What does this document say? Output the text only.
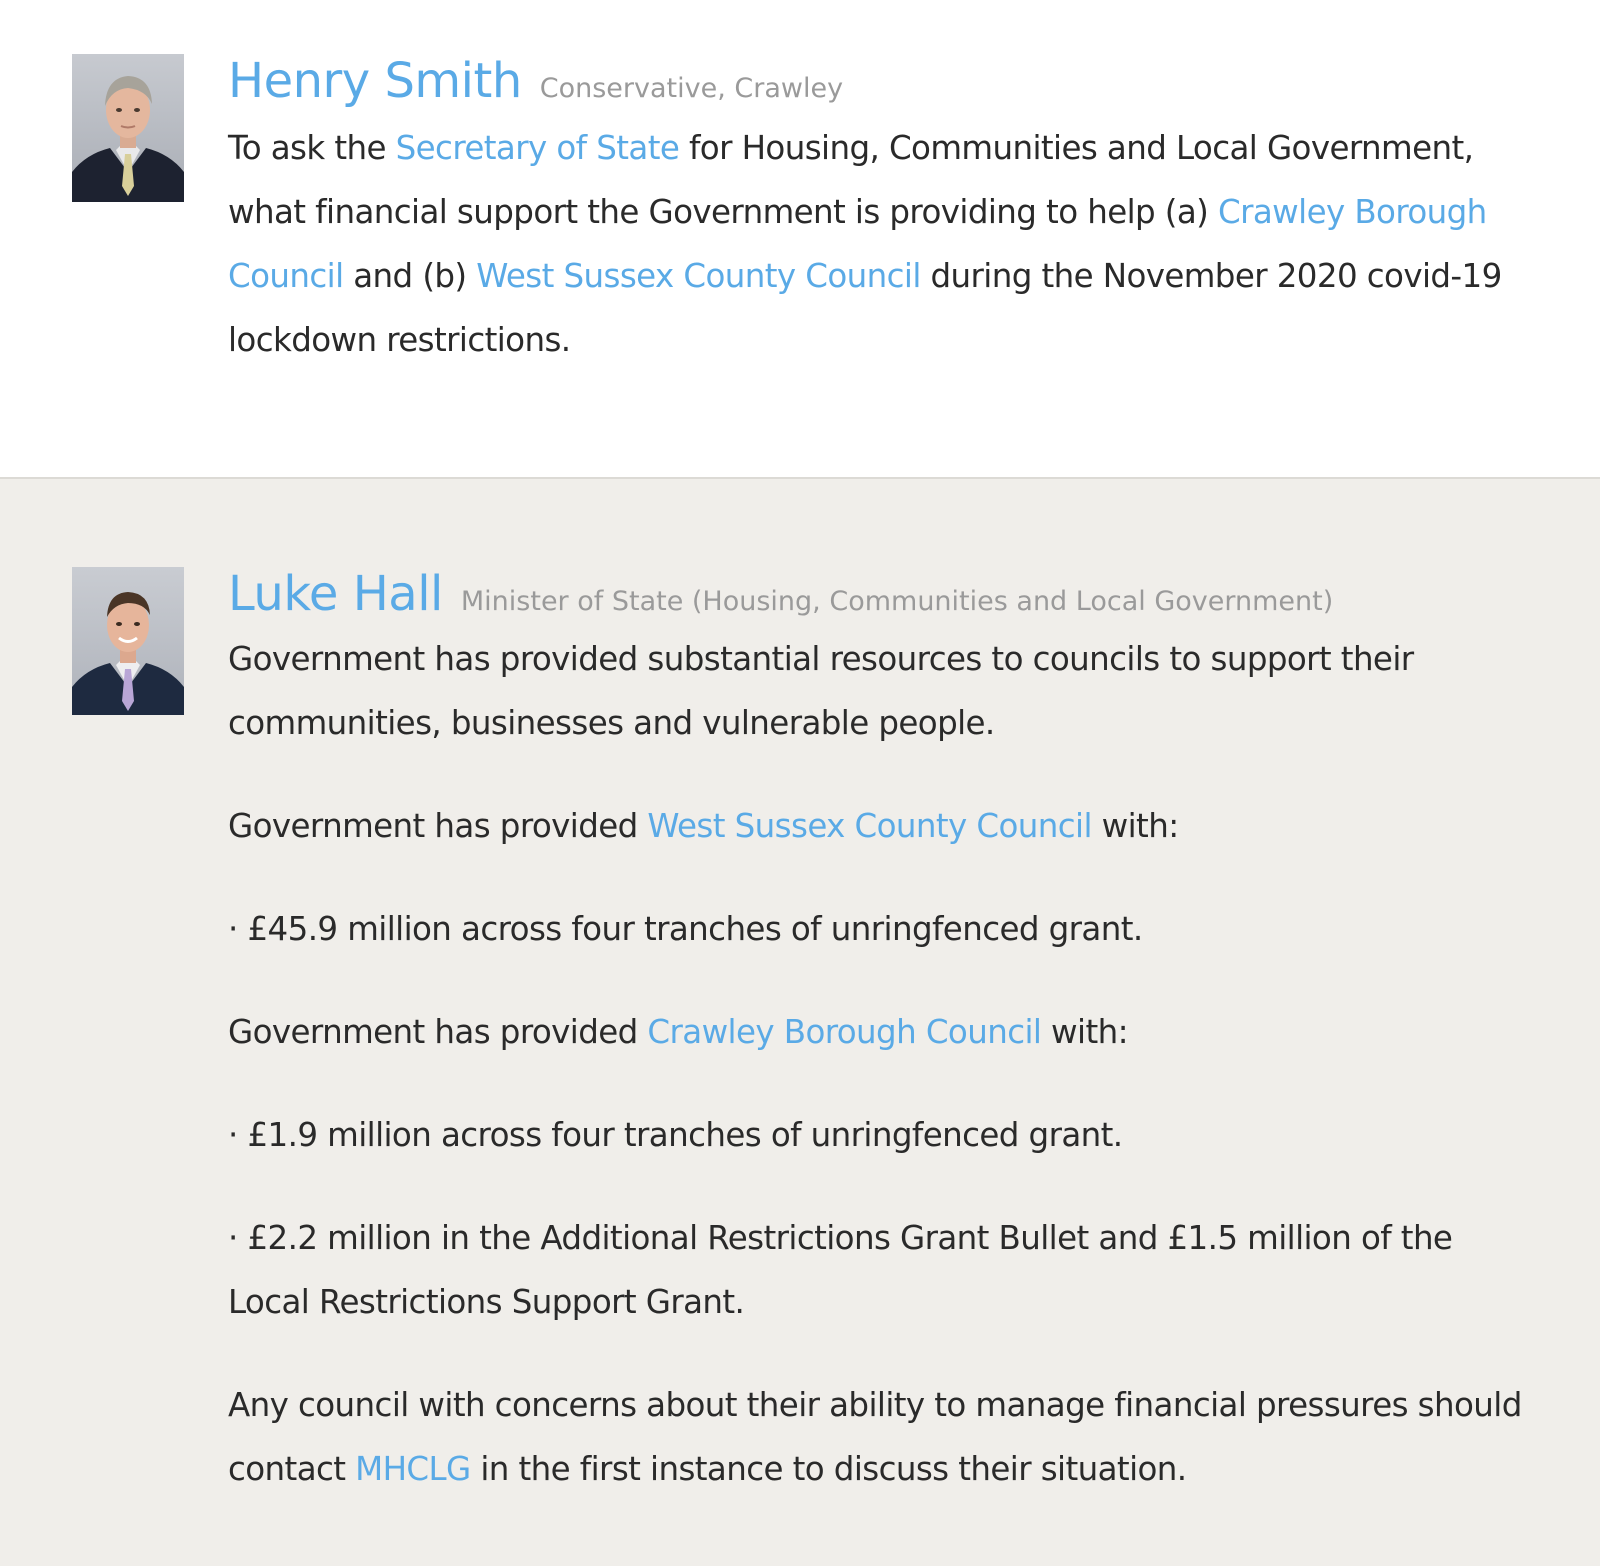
Henry Smith Conservative, Crawley

To ask the Secretary of State for Housing, Communities and Local Government, what financial support the Government is providing to help (a) Crawley Borough Council and (b) West Sussex County Council during the November 2020 covid-19 lockdown restrictions.

Luke Hall Minister of State (Housing, Communities and Local Government)

Government has provided substantial resources to councils to support their communities, businesses and vulnerable people.

Government has provided West Sussex County Council with:

· £45.9 million across four tranches of unringfenced grant.

Government has provided Crawley Borough Council with:

· £1.9 million across four tranches of unringfenced grant.

· £2.2 million in the Additional Restrictions Grant Bullet and £1.5 million of the Local Restrictions Support Grant.

Any council with concerns about their ability to manage financial pressures should contact MHCLG in the first instance to discuss their situation.
